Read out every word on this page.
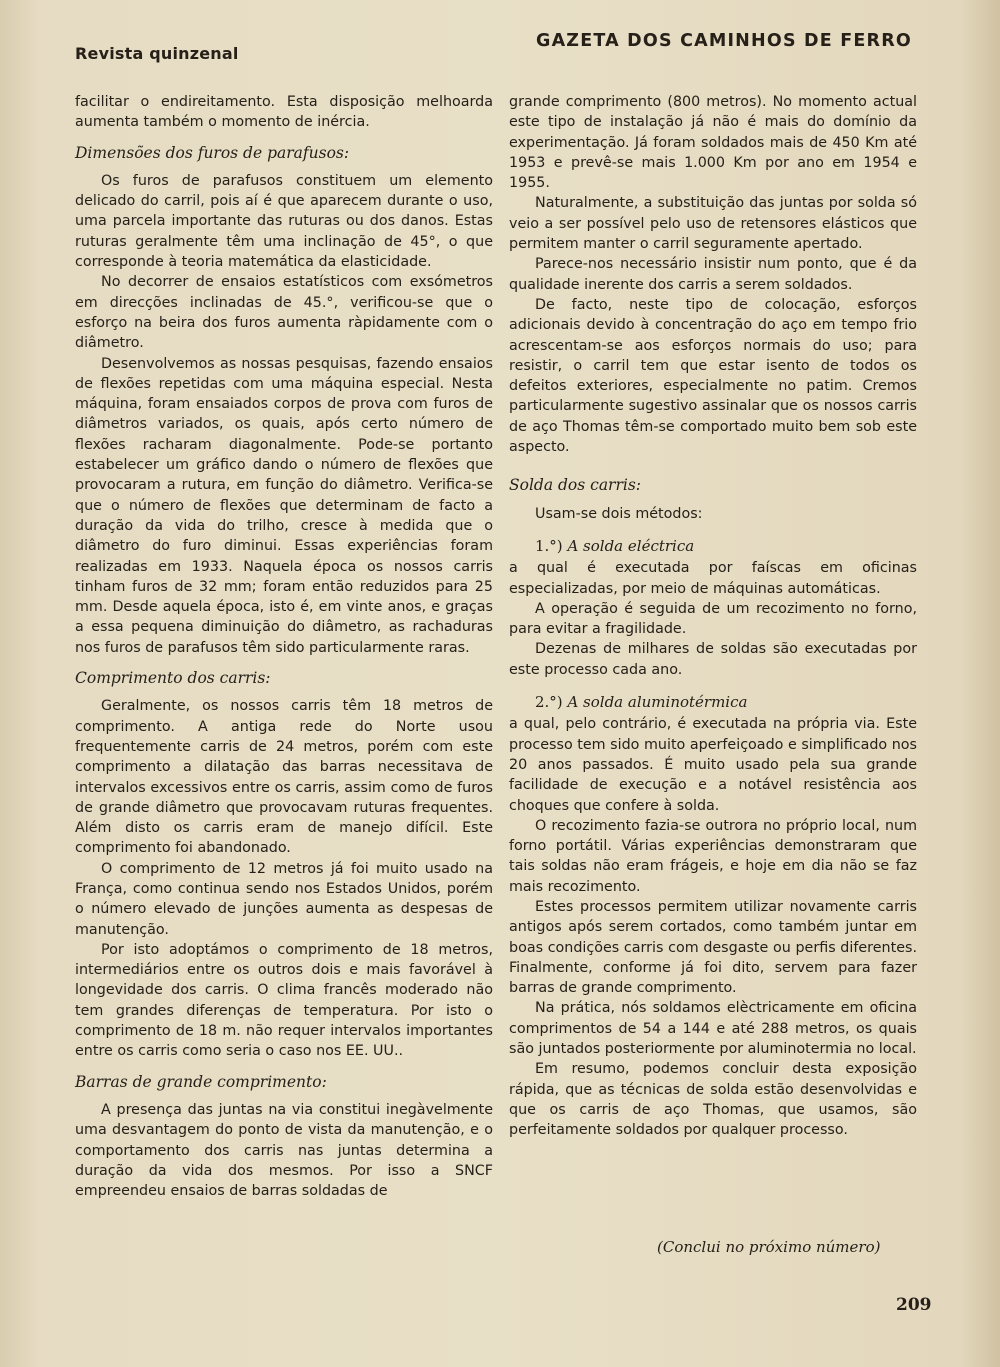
Revista quinzenal
GAZETA DOS CAMINHOS DE FERRO

facilitar o endireitamento. Esta disposição melhoarda aumenta também o momento de inércia.

Dimensões dos furos de parafusos:

Os furos de parafusos constituem um elemento delicado do carril, pois aí é que aparecem durante o uso, uma parcela importante das ruturas ou dos danos. Estas ruturas geralmente têm uma inclinação de 45°, o que corresponde à teoria matemática da elasticidade.

No decorrer de ensaios estatísticos com exsómetros em direcções inclinadas de 45.°, verificou-se que o esforço na beira dos furos aumenta ràpidamente com o diâmetro.

Desenvolvemos as nossas pesquisas, fazendo ensaios de flexões repetidas com uma máquina especial. Nesta máquina, foram ensaiados corpos de prova com furos de diâmetros variados, os quais, após certo número de flexões racharam diagonalmente. Pode-se portanto estabelecer um gráfico dando o número de flexões que provocaram a rutura, em função do diâmetro. Verifica-se que o número de flexões que determinam de facto a duração da vida do trilho, cresce à medida que o diâmetro do furo diminui. Essas experiências foram realizadas em 1933. Naquela época os nossos carris tinham furos de 32 mm; foram então reduzidos para 25 mm. Desde aquela época, isto é, em vinte anos, e graças a essa pequena diminuição do diâmetro, as rachaduras nos furos de parafusos têm sido particularmente raras.

Comprimento dos carris:

Geralmente, os nossos carris têm 18 metros de comprimento. A antiga rede do Norte usou frequentemente carris de 24 metros, porém com este comprimento a dilatação das barras necessitava de intervalos excessivos entre os carris, assim como de furos de grande diâmetro que provocavam ruturas frequentes. Além disto os carris eram de manejo difícil. Este comprimento foi abandonado.

O comprimento de 12 metros já foi muito usado na França, como continua sendo nos Estados Unidos, porém o número elevado de junções aumenta as despesas de manutenção.

Por isto adoptámos o comprimento de 18 metros, intermediários entre os outros dois e mais favorável à longevidade dos carris. O clima francês moderado não tem grandes diferenças de temperatura. Por isto o comprimento de 18 m. não requer intervalos importantes entre os carris como seria o caso nos EE. UU..

Barras de grande comprimento:

A presença das juntas na via constitui inegàvelmente uma desvantagem do ponto de vista da manutenção, e o comportamento dos carris nas juntas determina a duração da vida dos mesmos. Por isso a SNCF empreendeu ensaios de barras soldadas de

grande comprimento (800 metros). No momento actual este tipo de instalação já não é mais do domínio da experimentação. Já foram soldados mais de 450 Km até 1953 e prevê-se mais 1.000 Km por ano em 1954 e 1955.

Naturalmente, a substituição das juntas por solda só veio a ser possível pelo uso de retensores elásticos que permitem manter o carril seguramente apertado.

Parece-nos necessário insistir num ponto, que é da qualidade inerente dos carris a serem soldados.

De facto, neste tipo de colocação, esforços adicionais devido à concentração do aço em tempo frio acrescentam-se aos esforços normais do uso; para resistir, o carril tem que estar isento de todos os defeitos exteriores, especialmente no patim. Cremos particularmente sugestivo assinalar que os nossos carris de aço Thomas têm-se comportado muito bem sob este aspecto.

Solda dos carris:

Usam-se dois métodos:

1.°) A solda eléctrica

a qual é executada por faíscas em oficinas especializadas, por meio de máquinas automáticas.

A operação é seguida de um recozimento no forno, para evitar a fragilidade.

Dezenas de milhares de soldas são executadas por este processo cada ano.

2.°) A solda aluminotérmica

a qual, pelo contrário, é executada na própria via. Este processo tem sido muito aperfeiçoado e simplificado nos 20 anos passados. É muito usado pela sua grande facilidade de execução e a notável resistência aos choques que confere à solda.

O recozimento fazia-se outrora no próprio local, num forno portátil. Várias experiências demonstraram que tais soldas não eram frágeis, e hoje em dia não se faz mais recozimento.

Estes processos permitem utilizar novamente carris antigos após serem cortados, como também juntar em boas condições carris com desgaste ou perfis diferentes. Finalmente, conforme já foi dito, servem para fazer barras de grande comprimento.

Na prática, nós soldamos elèctricamente em oficina comprimentos de 54 a 144 e até 288 metros, os quais são juntados posteriormente por aluminotermia no local.

Em resumo, podemos concluir desta exposição rápida, que as técnicas de solda estão desenvolvidas e que os carris de aço Thomas, que usamos, são perfeitamente soldados por qualquer processo.

(Conclui no próximo número)
209
